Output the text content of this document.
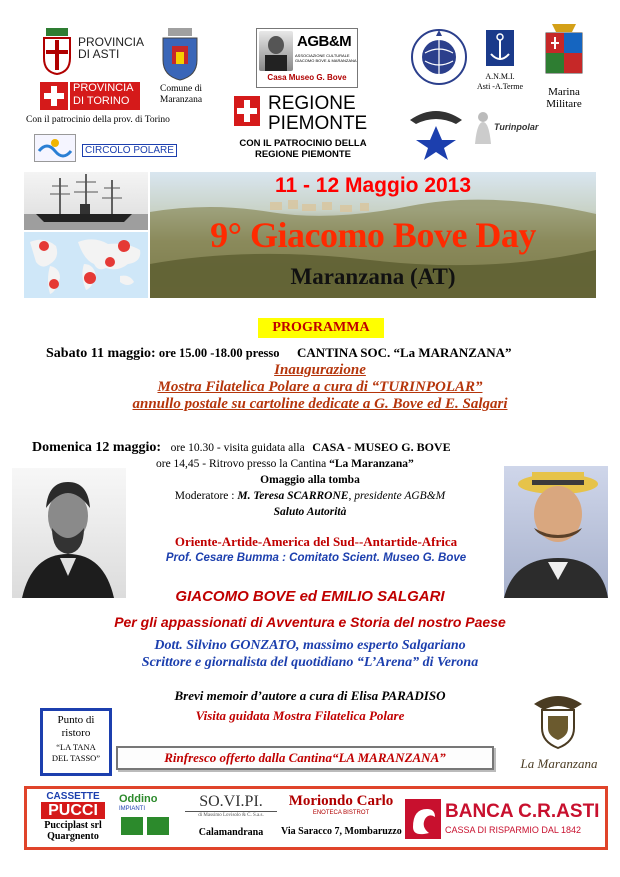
PROVINCIA
DI ASTI
PROVINCIA
DI TORINO
Con il patrocinio della prov. di Torino
Comune di
Maranzana
AGB&M
ASSOCIAZIONE CULTURALE
GIACOMO BOVE & MARANZANA
Casa Museo G. Bove
REGIONE
PIEMONTE
CON IL PATROCINIO DELLA
REGIONE PIEMONTE
A.N.M.I.
Asti -A.Terme	Marina
Militare
CIRCOLO POLARE
Turinpolar
11 - 12 Maggio 2013
9° Giacomo Bove Day
Maranzana (AT)
PROGRAMMA
Sabato 11 maggio: ore 15.00 -18.00 presso CANTINA SOC. “La MARANZANA”
Inaugurazione
Mostra Filatelica Polare a cura di “TURINPOLAR”
annullo postale su cartoline dedicate a G. Bove ed E. Salgari
Domenica 12 maggio: ore 10.30 - visita guidata alla CASA - MUSEO G. BOVE
ore 14,45 - Ritrovo presso la Cantina “La Maranzana”
Omaggio alla tomba
Moderatore : M. Teresa SCARRONE, presidente AGB&M
Saluto Autorità
Oriente-Artide-America del Sud--Antartide-Africa
Prof. Cesare Bumma : Comitato Scient. Museo G. Bove
GIACOMO BOVE ed EMILIO SALGARI
Per gli appassionati di Avventura e Storia del nostro Paese
Dott. Silvino GONZATO, massimo esperto Salgariano
Scrittore e giornalista del quotidiano “L’Arena” di Verona
Brevi memoir d’autore a cura di Elisa PARADISO
Visita guidata Mostra Filatelica Polare
Punto di
ristoro
“LA TANA
DEL TASSO”	Rinfresco offerto dalla Cantina“LA MARANZANA”	La Maranzana
CASSETTE
PUCCI
Pucciplast srl
Quargnento
Oddino
IMPIANTI	SO.VI.PI.
di Massimo Lovisolo & C. S.a.s.
Calamandrana
Moriondo Carlo
ENOTECA BISTROT
Via Saracco 7, Mombaruzzo
BANCA C.R.ASTI
CASSA DI RISPARMIO DAL 1842
